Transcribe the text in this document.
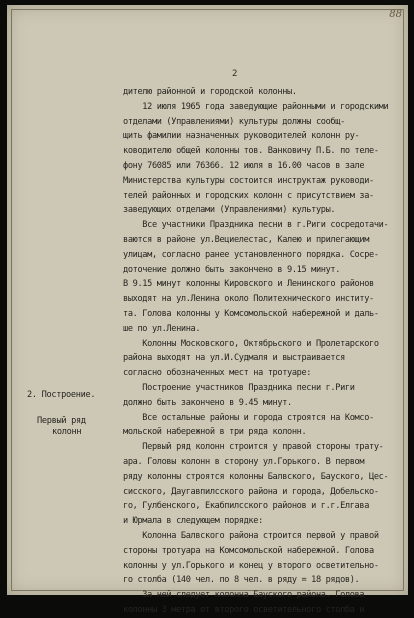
88
2
дителю районной и городской колонны.
12 июля 1965 года заведующие районными и городскими
отделами (Управлениями) культуры должны сообщ-
щить фамилии назначенных руководителей колонн ру-
ководителю общей колонны тов. Ванковичу П.Б. по теле-
фону 76085 или 76366. 12 июля в 16.00 часов в зале
Министерства культуры состоится инструктаж руководи-
телей районных и городских колонн с присутствием за-
заведующих отделами (Управлениями) культуры.
Все участники Праздника песни в г.Риги сосредотачи-
ваются в районе ул.Вециелестас, Калею и прилегающим
улицам, согласно ранее установленного порядка. Сосре-
доточение должно быть закончено в 9.15 минут.
В 9.15 минут колонны Кировского и Ленинского районов
выходят на ул.Ленина около Политехнического институ-
та. Голова колонны у Комсомольской набережной и даль-
ше по ул.Ленина.
Колонны Московского, Октябрьского и Пролетарского
района выходят на ул.И.Судмаля и выстраивается
согласно обозначенных мест на тротуаре:
Построение участников Праздника песни г.Риги
должно быть закончено в 9.45 минут.
Все остальные районы и города строятся на Комсо-
мольской набережной в три ряда колонн.
Первый ряд колонн строится у правой стороны трату-
ара. Головы колонн в сторону ул.Горького. В первом
ряду колонны строятся колонны Балвского, Бауского, Цес-
сисского, Даугавпилсского района и города, Добельско-
го, Гулбенского, Екабпилсского районов и г.г.Елгава
и Юрмала в следующем порядке:
Колонна Балвского района строится первой у правой
стороны тротуара на Комсомольской набережной. Голова
колонны у ул.Горького и конец у второго осветительно-
го столба (140 чел. по 8 чел. в ряду = 18 рядов).
За ней следует колонна Бауского района. Голова
колонны 3 метра от второго осветительного столба и
2. Построение.
Первый ряд
колонн
